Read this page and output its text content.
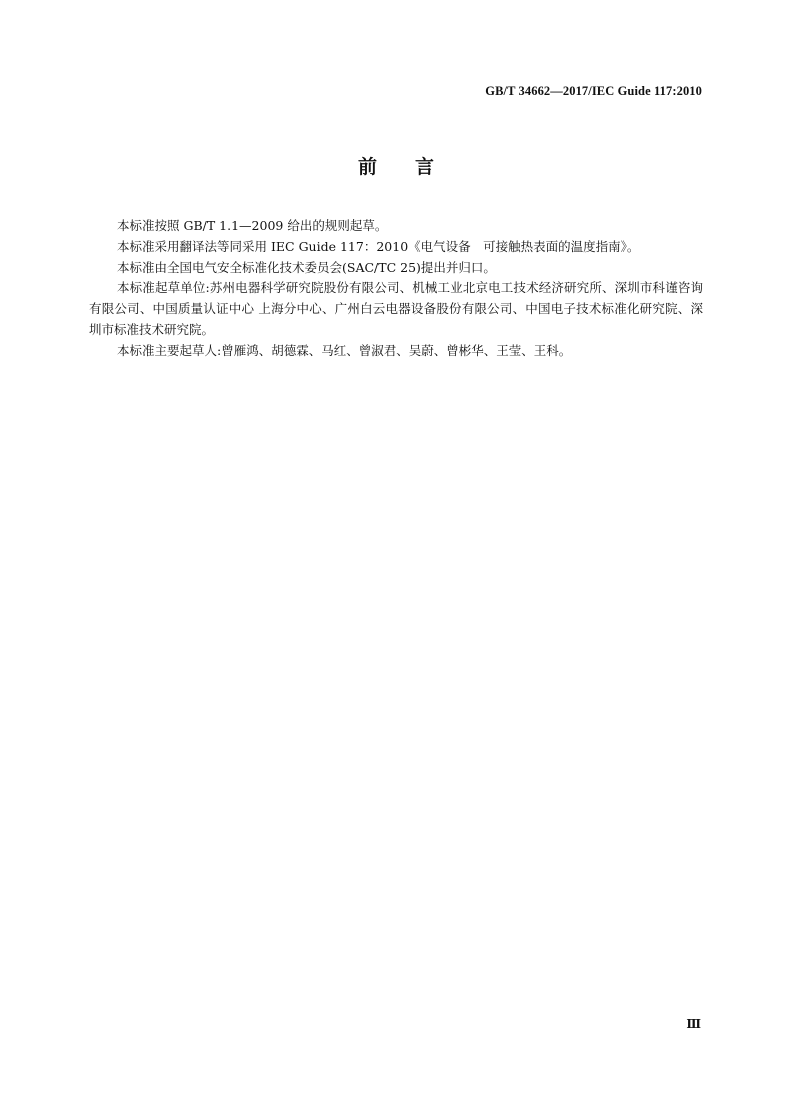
GB/T 34662—2017/IEC Guide 117:2010
前言

本标准按照 GB/T 1.1—2009 给出的规则起草。

本标准采用翻译法等同采用 IEC Guide 117：2010《电气设备　可接触热表面的温度指南》。

本标准由全国电气安全标准化技术委员会(SAC/TC 25)提出并归口。

本标准起草单位:苏州电器科学研究院股份有限公司、机械工业北京电工技术经济研究所、深圳市科谨咨询有限公司、中国质量认证中心 上海分中心、广州白云电器设备股份有限公司、中国电子技术标准化研究院、深圳市标准技术研究院。

本标准主要起草人:曾雁鸿、胡德霖、马红、曾淑君、吴蔚、曾彬华、王莹、王科。

Ⅲ
